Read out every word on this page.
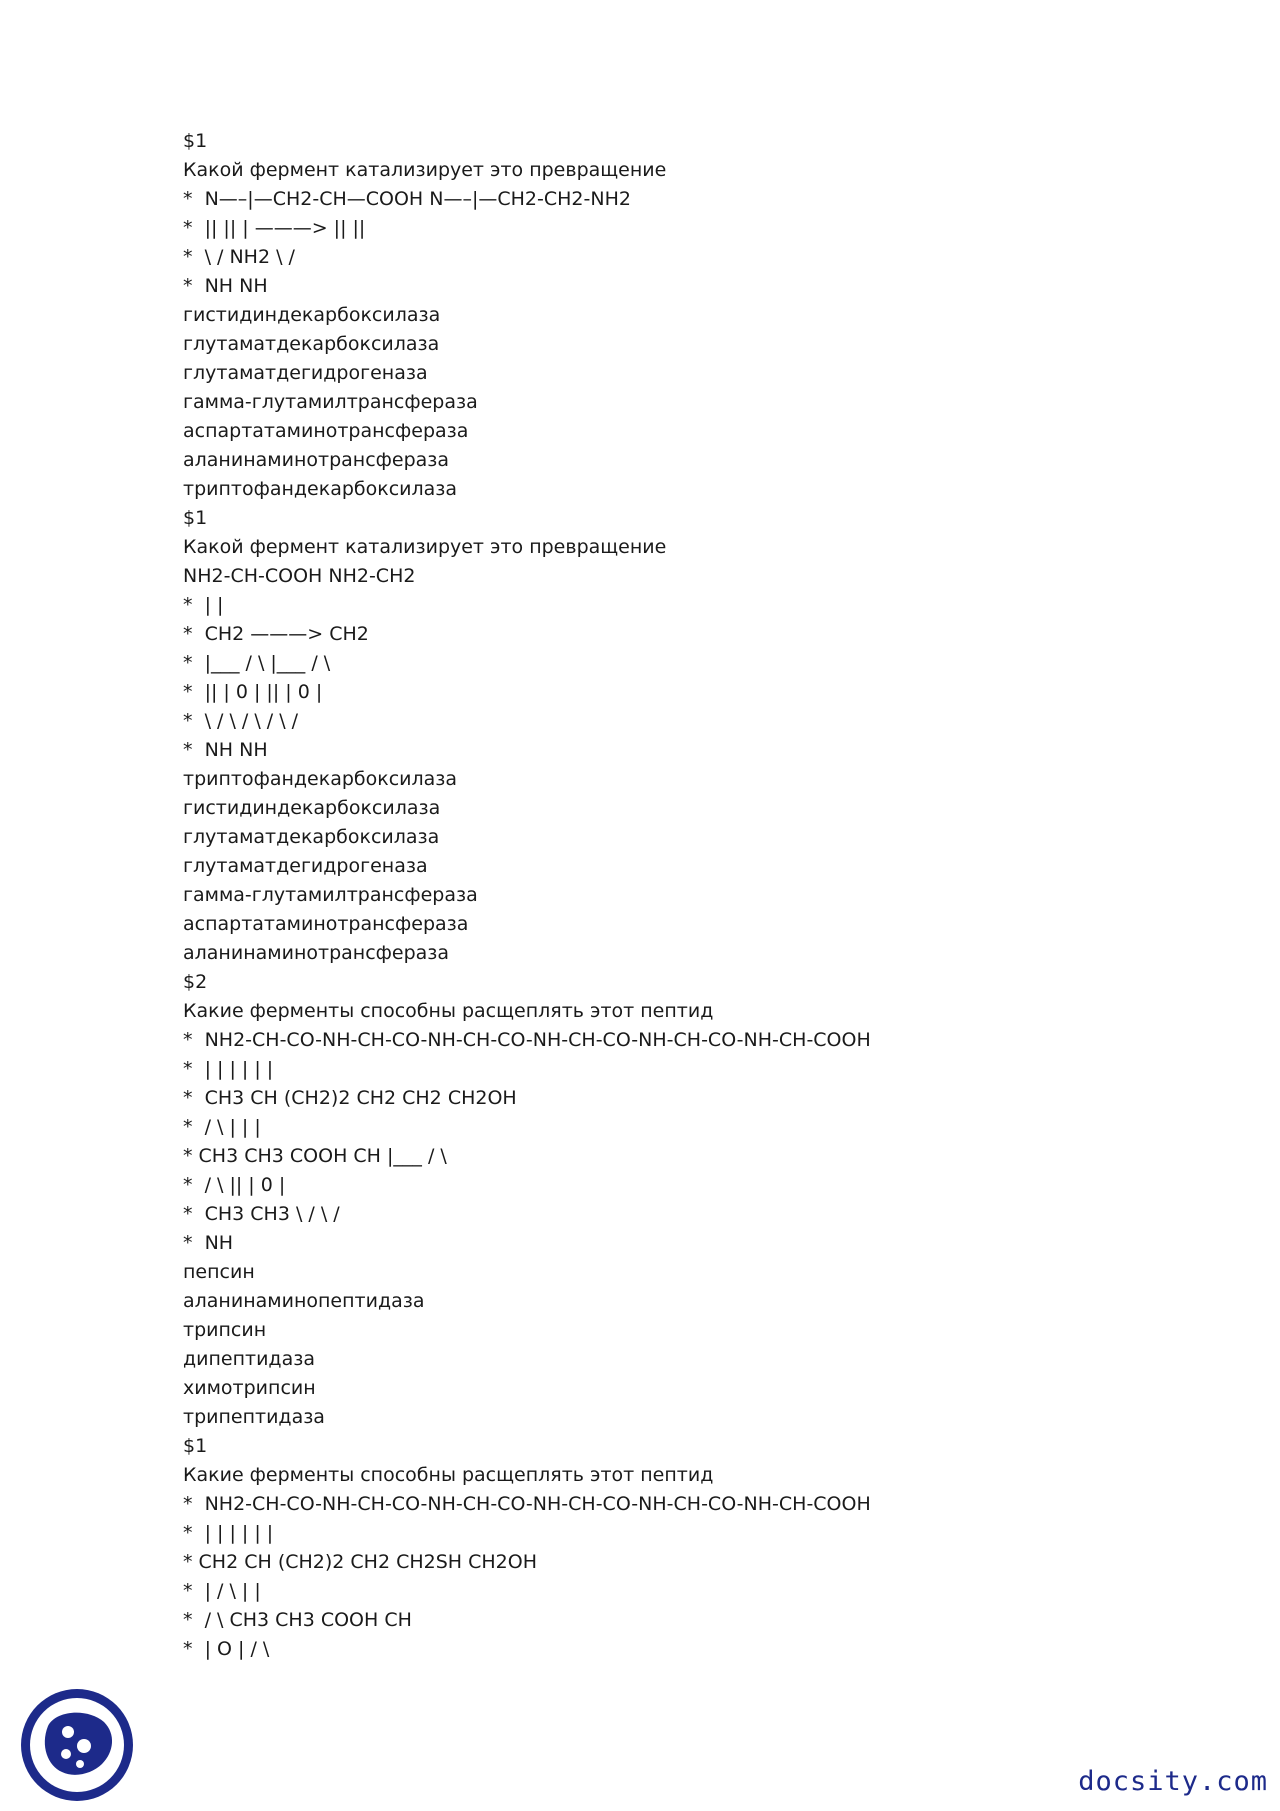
$1
Какой фермент катализирует это превращение
*  N—–|—CH2-CH—COOH N—–|—CH2-CH2-NH2
*  || || | ———> || ||
*  \ / NH2 \ /
*  NH NH
гистидиндекарбоксилаза
глутаматдекарбоксилаза
глутаматдегидрогеназа
гамма-глутамилтрансфераза
аспартатаминотрансфераза
аланинаминотрансфераза
триптофандекарбоксилаза
$1
Какой фермент катализирует это превращение
NH2-CH-COOH NH2-CH2
*  | |
*  CH2 ———> CH2
*  |___ / \ |___ / \
*  || | 0 | || | 0 |
*  \ / \ / \ / \ /
*  NH NH
триптофандекарбоксилаза
гистидиндекарбоксилаза
глутаматдекарбоксилаза
глутаматдегидрогеназа
гамма-глутамилтрансфераза
аспартатаминотрансфераза
аланинаминотрансфераза
$2
Какие ферменты способны расщеплять этот пептид
*  NH2-CH-CO-NH-CH-CO-NH-CH-CO-NH-CH-CO-NH-CH-CO-NH-CH-COOH
*  | | | | | |
*  CH3 CH (CH2)2 CH2 CH2 CH2OH
*  / \ | | |
* CH3 CH3 COOH CH |___ / \
*  / \ || | 0 |
*  CH3 CH3 \ / \ /
*  NH
пепсин
аланинаминопептидаза
трипсин
дипептидаза
химотрипсин
трипептидаза
$1
Какие ферменты способны расщеплять этот пептид
*  NH2-CH-CO-NH-CH-CO-NH-CH-CO-NH-CH-CO-NH-CH-CO-NH-CH-COOH
*  | | | | | |
* CH2 CH (CH2)2 CH2 CH2SH CH2OH
*  | / \ | |
*  / \ CH3 CH3 COOH CH
*  | O | / \
docsity.com
